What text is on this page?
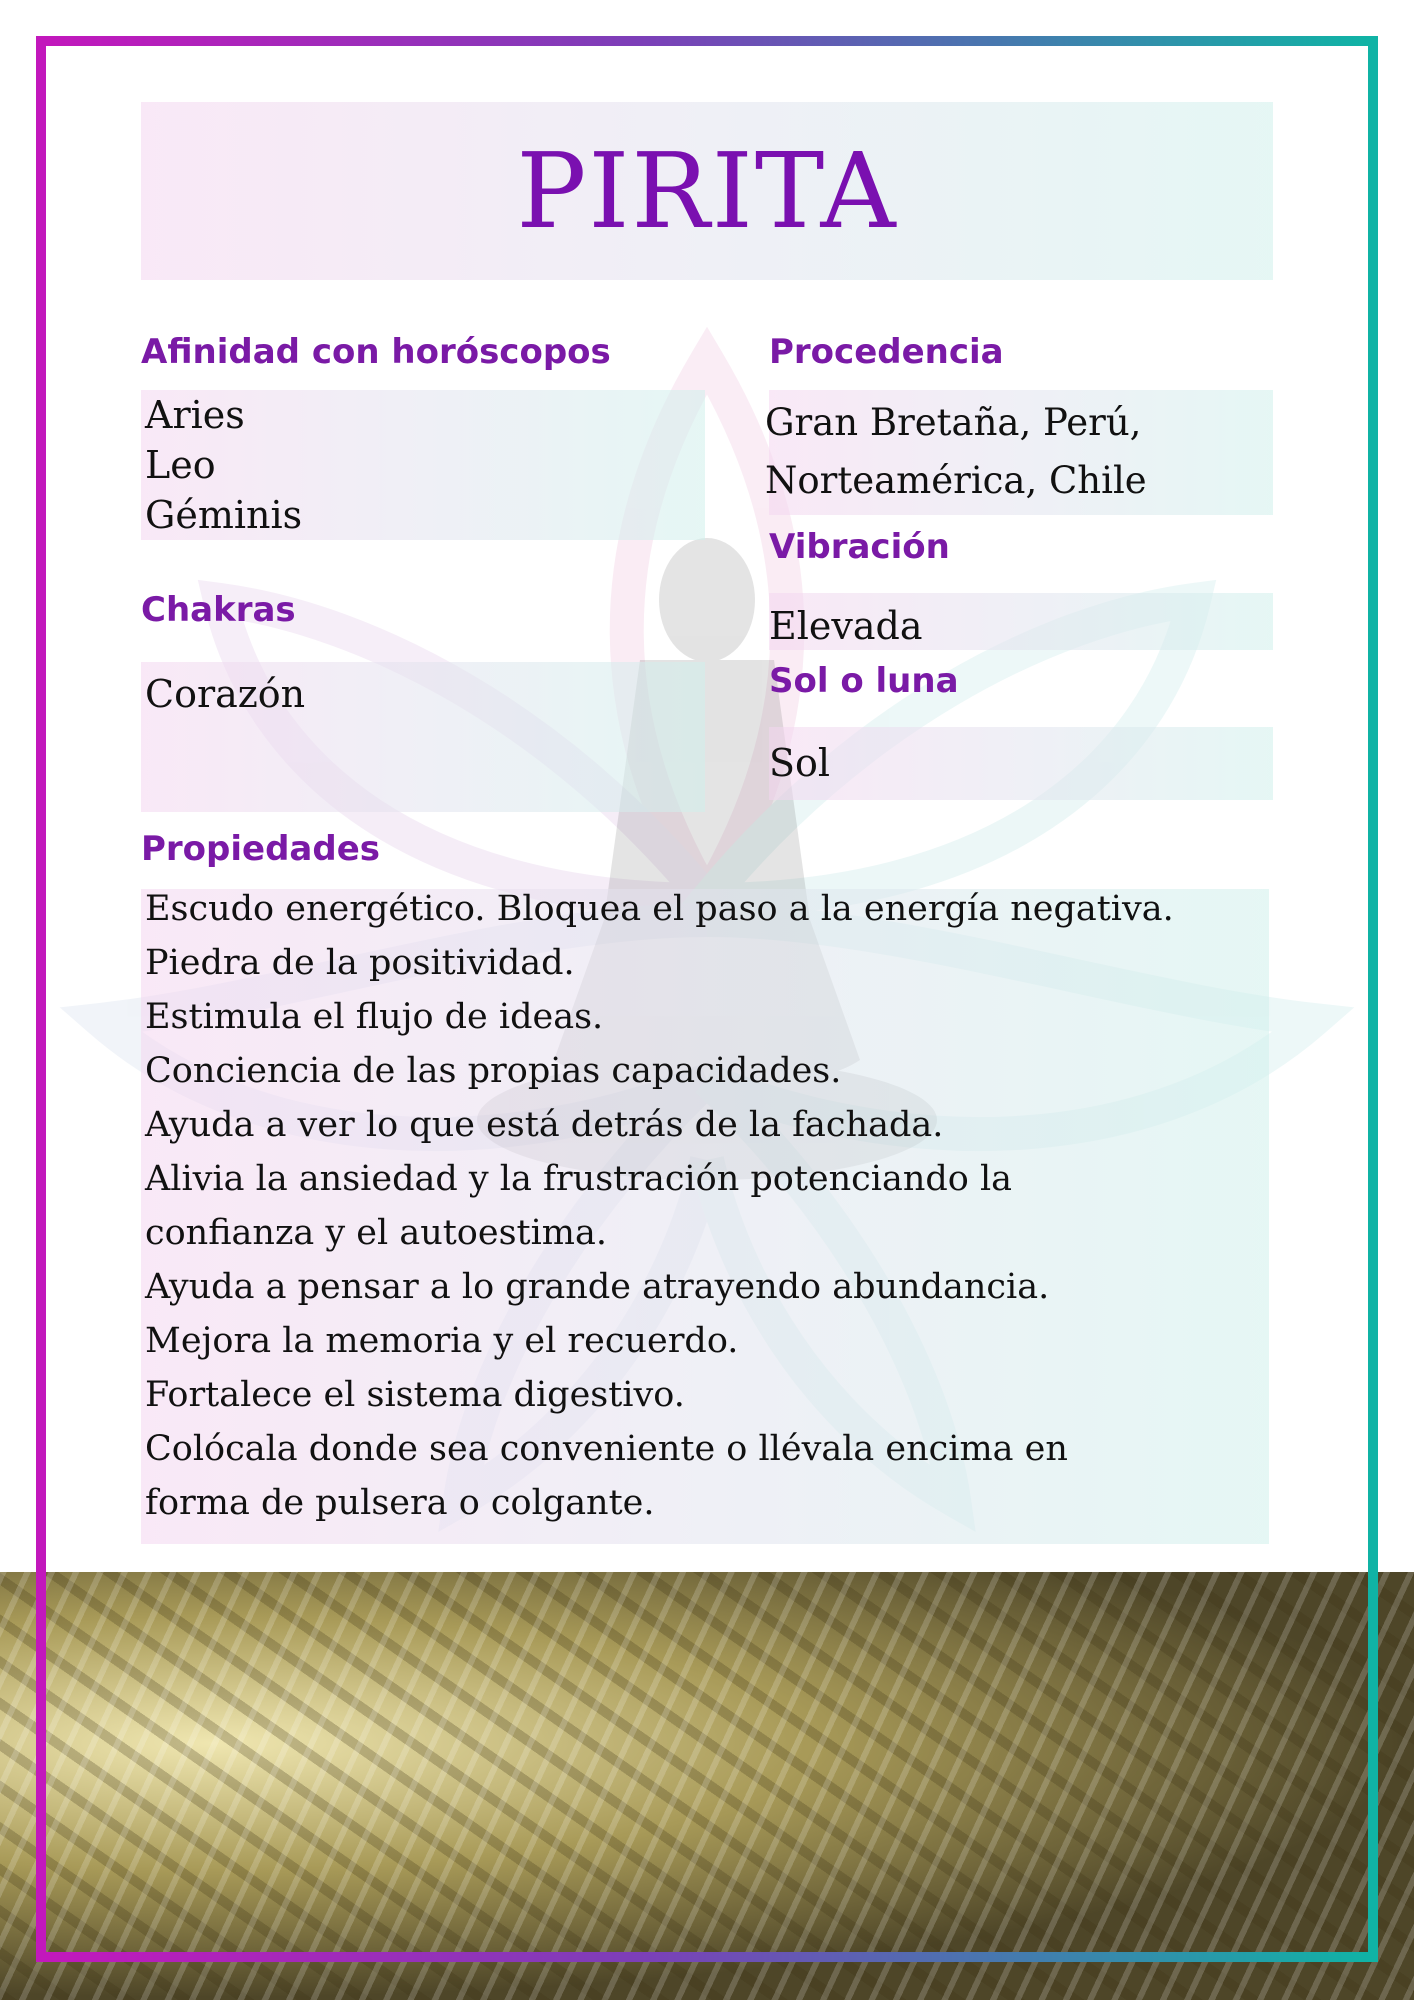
PIRITA
Afinidad con horóscopos
Aries
Leo
Géminis
Chakras
Corazón
Procedencia
Gran Bretaña, Perú,
Norteamérica, Chile
Vibración
Elevada
Sol o luna
Sol
Propiedades
Escudo energético. Bloquea el paso a la energía negativa.
Piedra de la positividad.
Estimula el flujo de ideas.
Conciencia de las propias capacidades.
Ayuda a ver lo que está detrás de la fachada.
Alivia la ansiedad y la frustración potenciando la
confianza y el autoestima.
Ayuda a pensar a lo grande atrayendo abundancia.
Mejora la memoria y el recuerdo.
Fortalece el sistema digestivo.
Colócala donde sea conveniente o llévala encima en
forma de pulsera o colgante.
